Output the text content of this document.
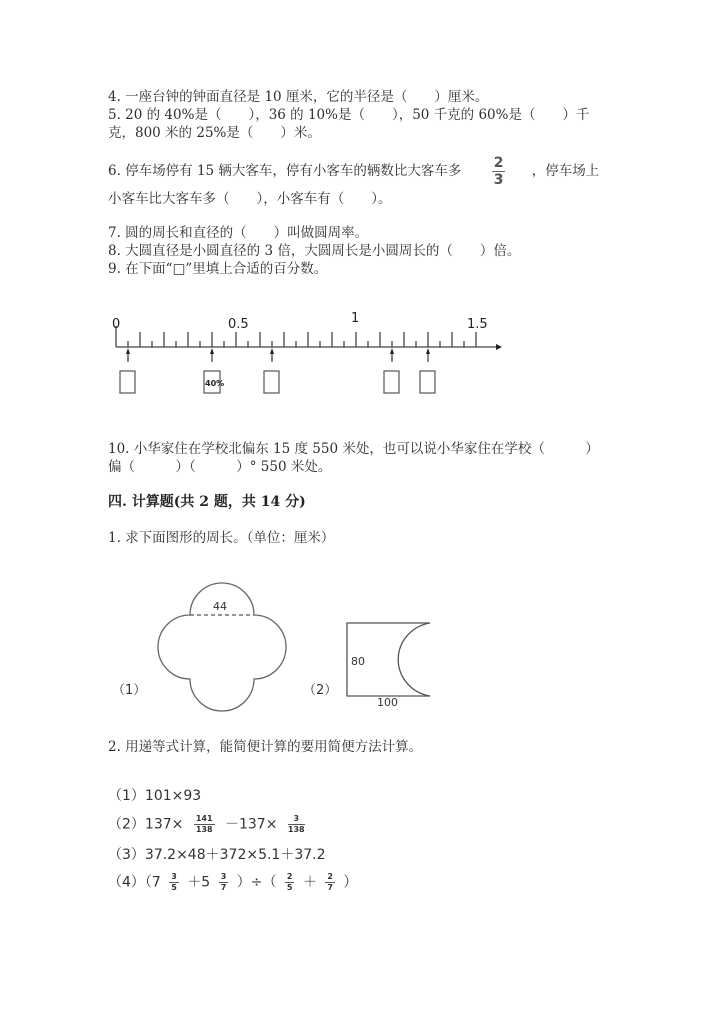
4. 一座台钟的钟面直径是 10 厘米，它的半径是（　　）厘米。
5. 20 的 40%是（　　），36 的 10%是（　　），50 千克的 60%是（　　）千
克，800 米的 25%是（　　）米。
6. 停车场停有 15 辆大客车，停有小客车的辆数比大客车多 $\frac{2}{3}$ ，停车场上
小客车比大客车多（　　），小客车有（　　）。
7. 圆的周长和直径的（　　）叫做圆周率。
8. 大圆直径是小圆直径的 3 倍，大圆周长是小圆周长的（　　）倍。
9. 在下面“□”里填上合适的百分数。
40%
0	0.5	1	1.5
10. 小华家住在学校北偏东 15 度 550 米处，也可以说小华家住在学校（　　　）
偏（　　　）（　　　）° 550 米处。
四. 计算题(共 2 题，共 14 分)
1. 求下面图形的周长。（单位：厘米）
44
（1）
80
100
（2）
2. 用递等式计算，能简便计算的要用简便方法计算。
（1）101×93
$(2)137\times \frac{141}{138} -137\times \frac{3}{138}$
（3）37.2×48＋372×5.1＋37.2
$(4)(7 \frac{3}{5} +5 \frac{3}{7}$ ）÷（ $\frac{2}{5} + \frac{2}{7}$ ）
